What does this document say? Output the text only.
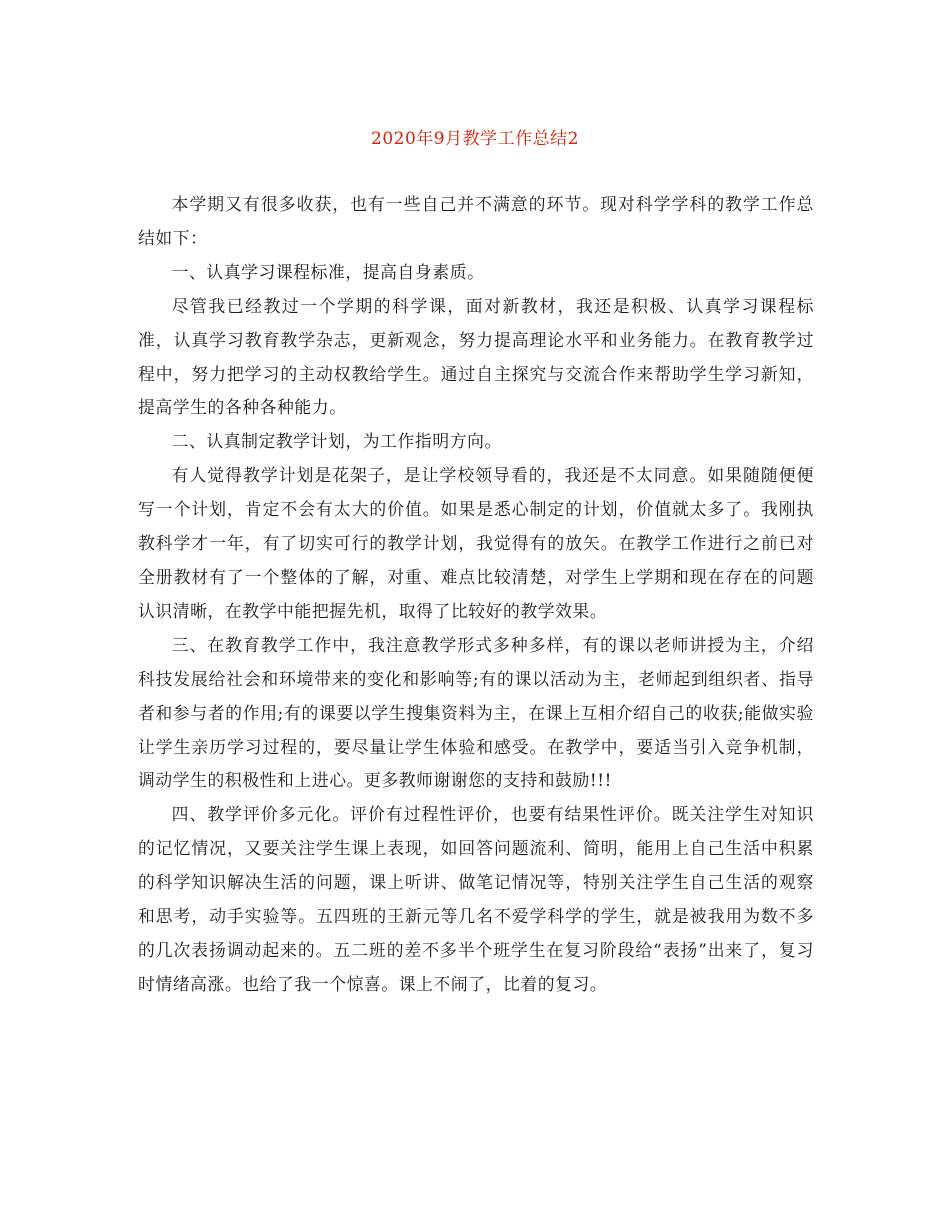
2020年9月教学工作总结2

本学期又有很多收获，也有一些自己并不满意的环节。现对科学学科的教学工作总结如下：

一、认真学习课程标准，提高自身素质。

尽管我已经教过一个学期的科学课，面对新教材，我还是积极、认真学习课程标准，认真学习教育教学杂志，更新观念，努力提高理论水平和业务能力。在教育教学过程中，努力把学习的主动权教给学生。通过自主探究与交流合作来帮助学生学习新知，提高学生的各种各种能力。

二、认真制定教学计划，为工作指明方向。

有人觉得教学计划是花架子，是让学校领导看的，我还是不太同意。如果随随便便写一个计划，肯定不会有太大的价值。如果是悉心制定的计划，价值就太多了。我刚执教科学才一年，有了切实可行的教学计划，我觉得有的放矢。在教学工作进行之前已对全册教材有了一个整体的了解，对重、难点比较清楚，对学生上学期和现在存在的问题认识清晰，在教学中能把握先机，取得了比较好的教学效果。

三、在教育教学工作中，我注意教学形式多种多样，有的课以老师讲授为主，介绍科技发展给社会和环境带来的变化和影响等;有的课以活动为主，老师起到组织者、指导者和参与者的作用;有的课要以学生搜集资料为主，在课上互相介绍自己的收获;能做实验让学生亲历学习过程的，要尽量让学生体验和感受。在教学中，要适当引入竞争机制，调动学生的积极性和上进心。更多教师谢谢您的支持和鼓励!!!

四、教学评价多元化。评价有过程性评价，也要有结果性评价。既关注学生对知识的记忆情况，又要关注学生课上表现，如回答问题流利、简明，能用上自己生活中积累的科学知识解决生活的问题，课上听讲、做笔记情况等，特别关注学生自己生活的观察和思考，动手实验等。五四班的王新元等几名不爱学科学的学生，就是被我用为数不多的几次表扬调动起来的。五二班的差不多半个班学生在复习阶段给“表扬”出来了，复习时情绪高涨。也给了我一个惊喜。课上不闹了，比着的复习。
